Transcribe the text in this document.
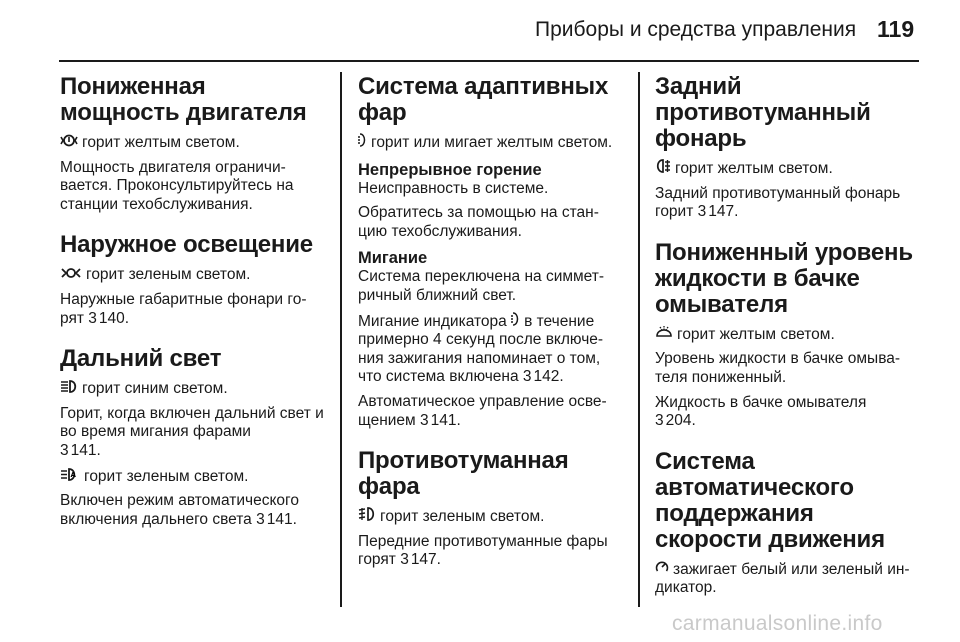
Приборы и средства управления 119
Пониженная мощность двигателя

горит желтым светом.

Мощность двигателя ограничи- вается. Проконсультируйтесь на станции техобслуживания.

Наружное освещение

горит зеленым светом.

Наружные габаритные фонари го- рят 3 140.

Дальний свет

горит синим светом.

Горит, когда включен дальний свет и во время мигания фарами
3 141.

A горит зеленым светом.

Включен режим автоматического включения дальнего света 3 141.

Система адаптивных фар

горит или мигает желтым светом.

Непрерывное горение

Неисправность в системе.

Обратитесь за помощью на стан- цию техобслуживания.

Мигание

Система переключена на симмет- ричный ближний свет.

Мигание индикатора в течение примерно 4 секунд после включе- ния зажигания напоминает о том, что система включена 3 142.

Автоматическое управление осве- щением 3 141.

Противотуманная фара

горит зеленым светом.

Передние противотуманные фары горят 3 147.

Задний противотуманный фонарь

горит желтым светом.

Задний противотуманный фонарь горит 3 147.

Пониженный уровень жидкости в бачке омывателя

горит желтым светом.

Уровень жидкости в бачке омыва- теля пониженный.

Жидкость в бачке омывателя
3 204.

Система автоматического поддержания скорости движения

зажигает белый или зеленый ин- дикатор.

carmanualsonline.info
